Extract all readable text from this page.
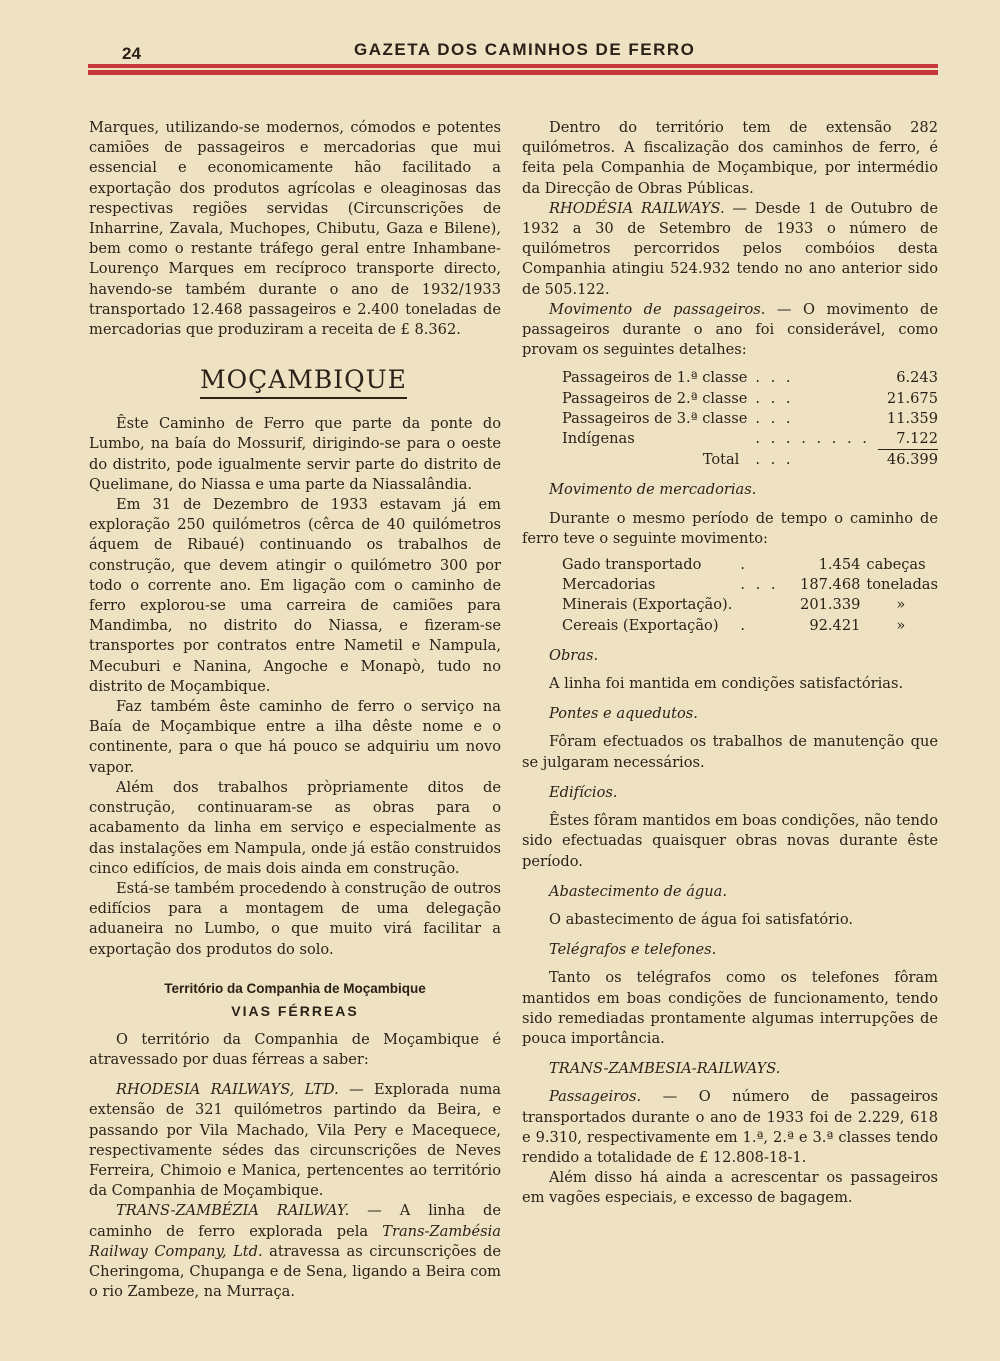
24	GAZETA DOS CAMINHOS DE FERRO

Marques, utilizando-se modernos, cómodos e potentes camiões de passageiros e mercadorias que mui essencial e economicamente hão facilitado a exportação dos produtos agrícolas e oleaginosas das respectivas regiões servidas (Circunscrições de Inharrine, Zavala, Muchopes, Chibutu, Gaza e Bilene), bem como o restante tráfego geral entre Inhambane-Lourenço Marques em recíproco transporte directo, havendo-se também durante o ano de 1932/1933 transportado 12.468 passageiros e 2.400 toneladas de mercadorias que produziram a receita de £ 8.362.

MOÇAMBIQUE

Êste Caminho de Ferro que parte da ponte do Lumbo, na baía do Mossurif, dirigindo-se para o oeste do distrito, pode igualmente servir parte do distrito de Quelimane, do Niassa e uma parte da Niassalândia.

Em 31 de Dezembro de 1933 estavam já em exploração 250 quilómetros (cêrca de 40 quilómetros áquem de Ribaué) continuando os trabalhos de construção, que devem atingir o quilómetro 300 por todo o corrente ano. Em ligação com o caminho de ferro explorou-se uma carreira de camiões para Mandimba, no distrito do Niassa, e fizeram-se transportes por contratos entre Nametil e Nampula, Mecuburi e Nanina, Angoche e Monapò, tudo no distrito de Moçambique.

Faz também êste caminho de ferro o serviço na Baía de Moçambique entre a ilha dêste nome e o continente, para o que há pouco se adquiriu um novo vapor.

Além dos trabalhos pròpriamente ditos de construção, continuaram-se as obras para o acabamento da linha em serviço e especialmente as das instalações em Nampula, onde já estão construidos cinco edifícios, de mais dois ainda em construção.

Está-se também procedendo à construção de outros edifícios para a montagem de uma delegação aduaneira no Lumbo, o que muito virá facilitar a exportação dos produtos do solo.

Território da Companhia de Moçambique
VIAS FÉRREAS

O território da Companhia de Moçambique é atravessado por duas férreas a saber:

RHODESIA RAILWAYS, LTD. — Explorada numa extensão de 321 quilómetros partindo da Beira, e passando por Vila Machado, Vila Pery e Macequece, respectivamente sédes das circunscrições de Neves Ferreira, Chimoio e Manica, pertencentes ao território da Companhia de Moçambique.

TRANS-ZAMBÉZIA RAILWAY. — A linha de caminho de ferro explorada pela Trans-Zambésia Railway Company, Ltd. atravessa as circunscrições de Cheringoma, Chupanga e de Sena, ligando a Beira com o rio Zambeze, na Murraça.

Dentro do território tem de extensão 282 quilómetros. A fiscalização dos caminhos de ferro, é feita pela Companhia de Moçambique, por intermédio da Direcção de Obras Públicas.

RHODÉSIA RAILWAYS. — Desde 1 de Outubro de 1932 a 30 de Setembro de 1933 o número de quilómetros percorridos pelos combóios desta Companhia atingiu 524.932 tendo no ano anterior sido de 505.122.

Movimento de passageiros. — O movimento de passageiros durante o ano foi considerável, como provam os seguintes detalhes:

Passageiros de 1.ª classe	. . .	6.243
Passageiros de 2.ª classe	. . .	21.675
Passageiros de 3.ª classe	. . .	11.359
Indígenas	. . . . . . . .	7.122
Total	. . .	46.399
Movimento de mercadorias.

Durante o mesmo período de tempo o caminho de ferro teve o seguinte movimento:

Gado transportado	.	1.454	cabeças
Mercadorias	. . .	187.468	toneladas
Minerais (Exportação).		201.339	»
Cereais (Exportação)	.	92.421	»
Obras.

A linha foi mantida em condições satisfactórias.

Pontes e aquedutos.

Fôram efectuados os trabalhos de manutenção que se julgaram necessários.

Edifícios.

Êstes fôram mantidos em boas condições, não tendo sido efectuadas quaisquer obras novas durante êste período.

Abastecimento de água.

O abastecimento de água foi satisfatório.

Telégrafos e telefones.

Tanto os telégrafos como os telefones fôram mantidos em boas condições de funcionamento, tendo sido remediadas prontamente algumas interrupções de pouca importância.

TRANS-ZAMBESIA-RAILWAYS.

Passageiros. — O número de passageiros transportados durante o ano de 1933 foi de 2.229, 618 e 9.310, respectivamente em 1.ª, 2.ª e 3.ª classes tendo rendido a totalidade de £ 12.808-18-1.

Além disso há ainda a acrescentar os passageiros em vagões especiais, e excesso de bagagem.
